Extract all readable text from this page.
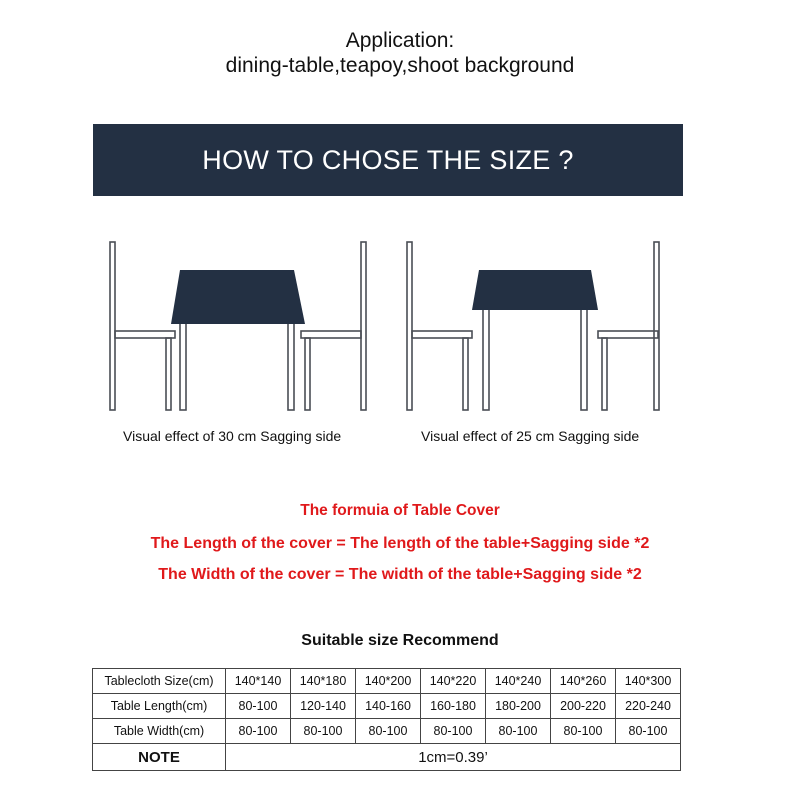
Application:
dining-table,teapoy,shoot background
HOW TO CHOSE THE SIZE ?
Visual effect of 30 cm Sagging side	Visual effect of 25 cm Sagging side
The formuia of Table Cover
The Length of the cover = The length of the table+Sagging side *2
The Width of the cover = The width of the table+Sagging side *2
Suitable size Recommend
Tablecloth Size(cm)	140*140	140*180	140*200	140*220	140*240	140*260	140*300
Table Length(cm)	80-100	120-140	140-160	160-180	180-200	200-220	220-240
Table Width(cm)	80-100	80-100	80-100	80-100	80-100	80-100	80-100
NOTE	1cm=0.39’						
